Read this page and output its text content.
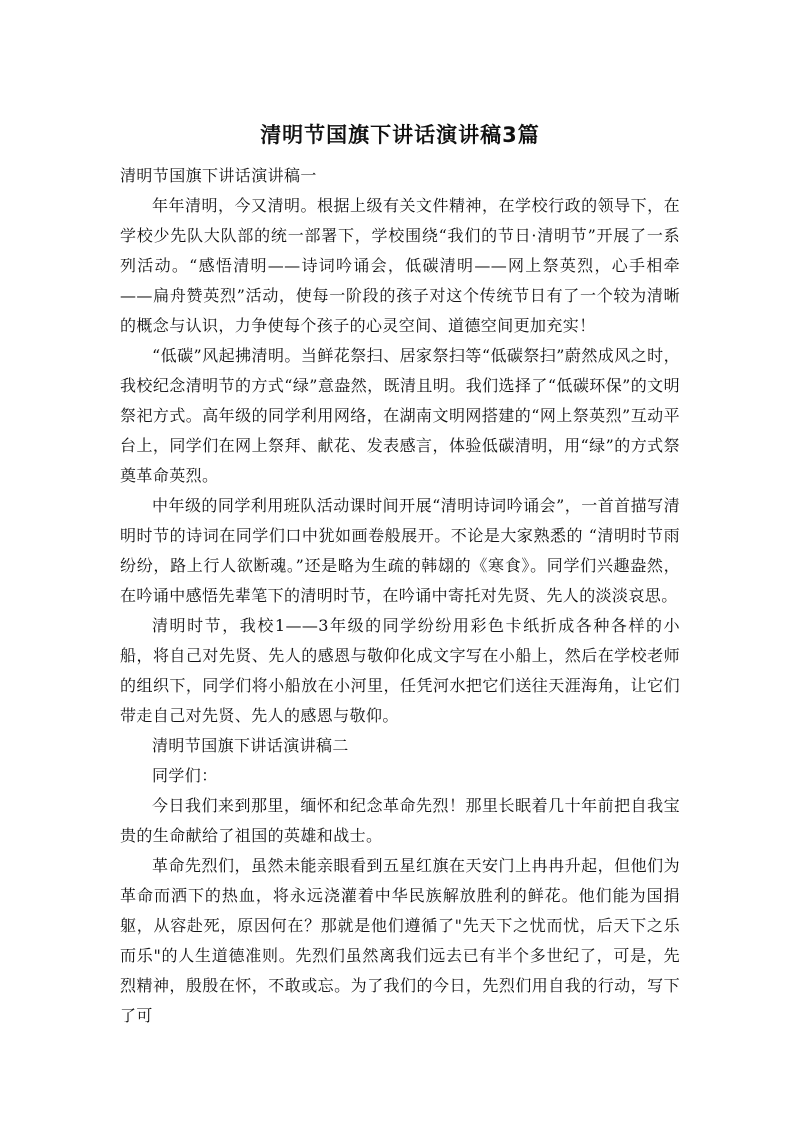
清明节国旗下讲话演讲稿3篇

清明节国旗下讲话演讲稿一

年年清明，今又清明。根据上级有关文件精神，在学校行政的领导下，在学校少先队大队部的统一部署下，学校围绕“我们的节日·清明节”开展了一系列活动。“感悟清明——诗词吟诵会，低碳清明——网上祭英烈，心手相牵——扁舟赞英烈”活动，使每一阶段的孩子对这个传统节日有了一个较为清晰的概念与认识，力争使每个孩子的心灵空间、道德空间更加充实！

“低碳”风起拂清明。当鲜花祭扫、居家祭扫等“低碳祭扫”蔚然成风之时，我校纪念清明节的方式“绿”意盎然，既清且明。我们选择了“低碳环保”的文明祭祀方式。高年级的同学利用网络，在湖南文明网搭建的“网上祭英烈”互动平台上，同学们在网上祭拜、献花、发表感言，体验低碳清明，用“绿”的方式祭奠革命英烈。

中年级的同学利用班队活动课时间开展“清明诗词吟诵会”，一首首描写清明时节的诗词在同学们口中犹如画卷般展开。不论是大家熟悉的 “清明时节雨纷纷，路上行人欲断魂。”还是略为生疏的韩翃的《寒食》。同学们兴趣盎然，在吟诵中感悟先辈笔下的清明时节，在吟诵中寄托对先贤、先人的淡淡哀思。

清明时节，我校1——3年级的同学纷纷用彩色卡纸折成各种各样的小船，将自己对先贤、先人的感恩与敬仰化成文字写在小船上，然后在学校老师的组织下，同学们将小船放在小河里，任凭河水把它们送往天涯海角，让它们带走自己对先贤、先人的感恩与敬仰。

清明节国旗下讲话演讲稿二

同学们：

今日我们来到那里，缅怀和纪念革命先烈！那里长眠着几十年前把自我宝贵的生命献给了祖国的英雄和战士。

革命先烈们，虽然未能亲眼看到五星红旗在天安门上冉冉升起，但他们为革命而洒下的热血，将永远浇灌着中华民族解放胜利的鲜花。他们能为国捐躯，从容赴死，原因何在？那就是他们遵循了"先天下之忧而忧，后天下之乐而乐"的人生道德准则。先烈们虽然离我们远去已有半个多世纪了，可是，先烈精神，殷殷在怀，不敢或忘。为了我们的今日，先烈们用自我的行动，写下了可
